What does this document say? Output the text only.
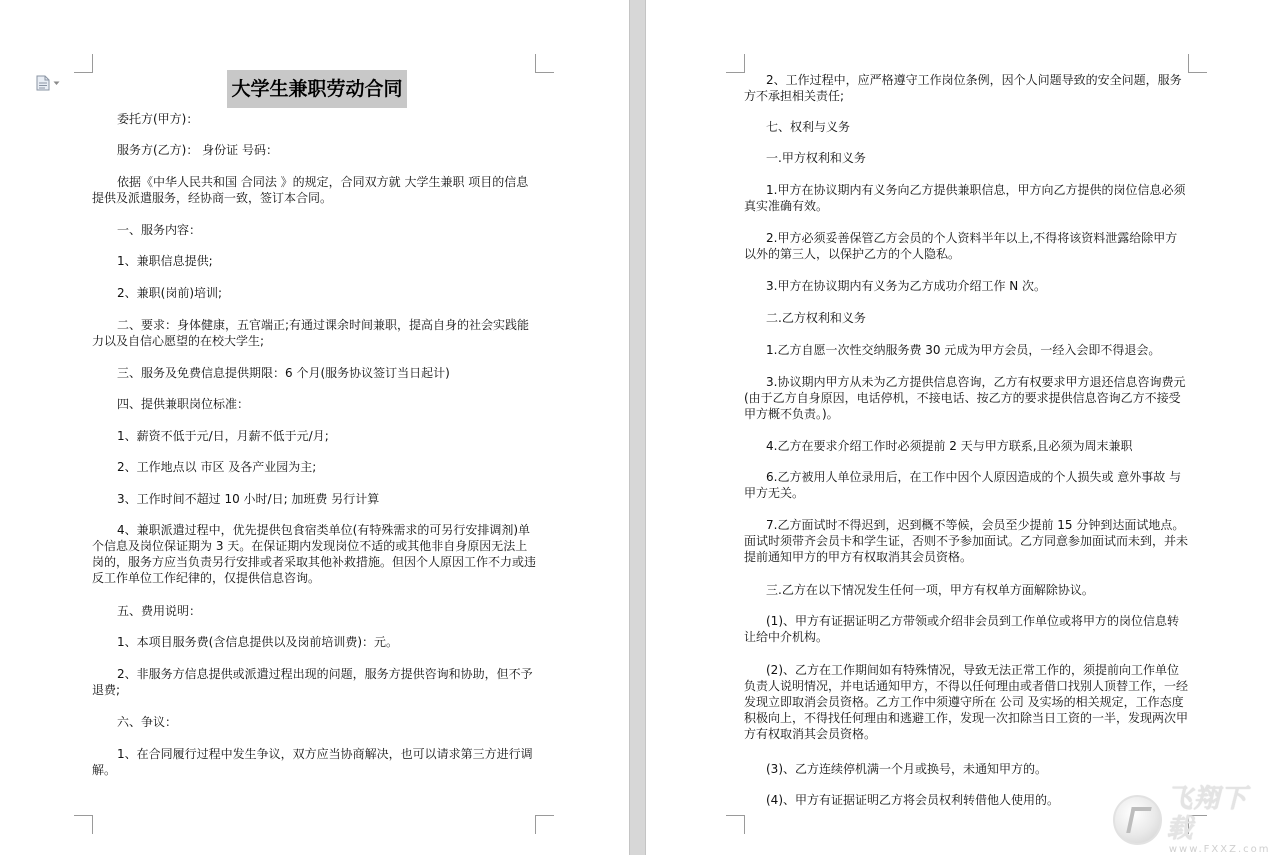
大学生兼职劳动合同

委托方(甲方)：

服务方(乙方)： 身份证 号码：

依据《中华人民共和国 合同法 》的规定，合同双方就 大学生兼职 项目的信息提供及派遣服务，经协商一致，签订本合同。

一、服务内容：

1、兼职信息提供;

2、兼职(岗前)培训;

二、要求：身体健康，五官端正;有通过课余时间兼职，提高自身的社会实践能力以及自信心愿望的在校大学生;

三、服务及免费信息提供期限：6 个月(服务协议签订当日起计)

四、提供兼职岗位标准：

1、薪资不低于元/日，月薪不低于元/月;

2、工作地点以 市区 及各产业园为主;

3、工作时间不超过 10 小时/日; 加班费 另行计算

4、兼职派遣过程中，优先提供包食宿类单位(有特殊需求的可另行安排调剂)单个信息及岗位保证期为 3 天。在保证期内发现岗位不适的或其他非自身原因无法上岗的，服务方应当负责另行安排或者采取其他补救措施。但因个人原因工作不力或违反工作单位工作纪律的，仅提供信息咨询。

五、费用说明：

1、本项目服务费(含信息提供以及岗前培训费)：元。

2、非服务方信息提供或派遣过程出现的问题，服务方提供咨询和协助，但不予退费;

六、争议：

1、在合同履行过程中发生争议，双方应当协商解决，也可以请求第三方进行调解。

2、工作过程中，应严格遵守工作岗位条例，因个人问题导致的安全问题，服务方不承担相关责任;

七、权利与义务

一.甲方权利和义务

1.甲方在协议期内有义务向乙方提供兼职信息，甲方向乙方提供的岗位信息必须真实准确有效。

2.甲方必须妥善保管乙方会员的个人资料半年以上,不得将该资料泄露给除甲方以外的第三人，以保护乙方的个人隐私。

3.甲方在协议期内有义务为乙方成功介绍工作 N 次。

二.乙方权利和义务

1.乙方自愿一次性交纳服务费 30 元成为甲方会员，一经入会即不得退会。

3.协议期内甲方从未为乙方提供信息咨询，乙方有权要求甲方退还信息咨询费元(由于乙方自身原因，电话停机，不接电话、按乙方的要求提供信息咨询乙方不接受甲方概不负责。)。

4.乙方在要求介绍工作时必须提前 2 天与甲方联系,且必须为周末兼职

6.乙方被用人单位录用后，在工作中因个人原因造成的个人损失或 意外事故 与甲方无关。

7.乙方面试时不得迟到，迟到概不等候，会员至少提前 15 分钟到达面试地点。面试时须带齐会员卡和学生证，否则不予参加面试。乙方同意参加面试而未到，并未提前通知甲方的甲方有权取消其会员资格。

三.乙方在以下情况发生任何一项，甲方有权单方面解除协议。

(1)、甲方有证据证明乙方带领或介绍非会员到工作单位或将甲方的岗位信息转让给中介机构。

(2)、乙方在工作期间如有特殊情况，导致无法正常工作的，须提前向工作单位负责人说明情况，并电话通知甲方，不得以任何理由或者借口找别人顶替工作，一经发现立即取消会员资格。乙方工作中须遵守所在 公司 及实场的相关规定，工作态度积极向上，不得找任何理由和逃避工作，发现一次扣除当日工资的一半，发现两次甲方有权取消其会员资格。

(3)、乙方连续停机满一个月或换号，未通知甲方的。

(4)、甲方有证据证明乙方将会员权利转借他人使用的。	飞翔下载
www.FXXZ.com
